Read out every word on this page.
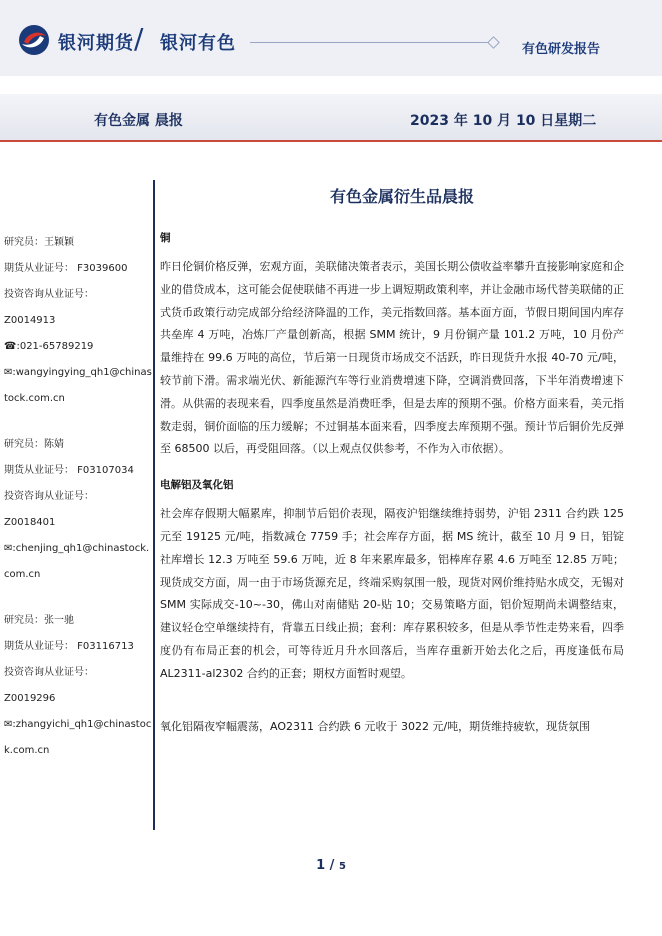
银河期货 / 银河有色	有色研发报告
有色金属 晨报	2023 年 10 月 10 日星期二
研究员：王颖颖
期货从业证号： F3039600
投资咨询从业证号：
Z0014913
☎:021-65789219
✉:wangyingying_qh1@chinas
tock.com.cn
研究员：陈婧
期货从业证号： F03107034
投资咨询从业证号：
Z0018401
✉:chenjing_qh1@chinastock.
com.cn
研究员：张一驰
期货从业证号： F03116713
投资咨询从业证号：
Z0019296
✉:zhangyichi_qh1@chinastoc
k.com.cn
有色金属衍生品晨报
铜
昨日伦铜价格反弹，宏观方面，美联储决策者表示，美国长期公债收益率攀升直接影响家庭和企业的借贷成本，这可能会促使联储不再进一步上调短期政策利率，并让金融市场代替美联储的正式货币政策行动完成部分给经济降温的工作，美元指数回落。基本面方面，节假日期间国内库存共垒库 4 万吨，冶炼厂产量创新高，根据 SMM 统计，9 月份铜产量 101.2 万吨，10 月份产量维持在 99.6 万吨的高位，节后第一日现货市场成交不活跃，昨日现货升水报 40-70 元/吨，较节前下滑。需求端光伏、新能源汽车等行业消费增速下降，空调消费回落，下半年消费增速下滑。从供需的表现来看，四季度虽然是消费旺季，但是去库的预期不强。价格方面来看，美元指数走弱，铜价面临的压力缓解；不过铜基本面来看，四季度去库预期不强。预计节后铜价先反弹至 68500 以后，再受阻回落。（以上观点仅供参考，不作为入市依据）。
电解铝及氧化铝
社会库存假期大幅累库，抑制节后铝价表现，隔夜沪铝继续维持弱势，沪铝 2311 合约跌 125 元至 19125 元/吨，指数减仓 7759 手；社会库存方面，据 MS 统计，截至 10 月 9 日，铝锭社库增长 12.3 万吨至 59.6 万吨，近 8 年来累库最多，铝棒库存累 4.6 万吨至 12.85 万吨；现货成交方面，周一由于市场货源充足，终端采购氛围一般，现货对网价维持贴水成交，无锡对 SMM 实际成交-10~-30，佛山对南储贴 20-贴 10；交易策略方面，铝价短期尚未调整结束，建议轻仓空单继续持有，背靠五日线止损；套利：库存累积较多，但是从季节性走势来看，四季度仍有布局正套的机会，可等待近月升水回落后，当库存重新开始去化之后，再度逢低布局 AL2311-al2302 合约的正套；期权方面暂时观望。
氧化铝隔夜窄幅震荡，AO2311 合约跌 6 元收于 3022 元/吨，期货维持疲软，现货氛围
1 / 5
